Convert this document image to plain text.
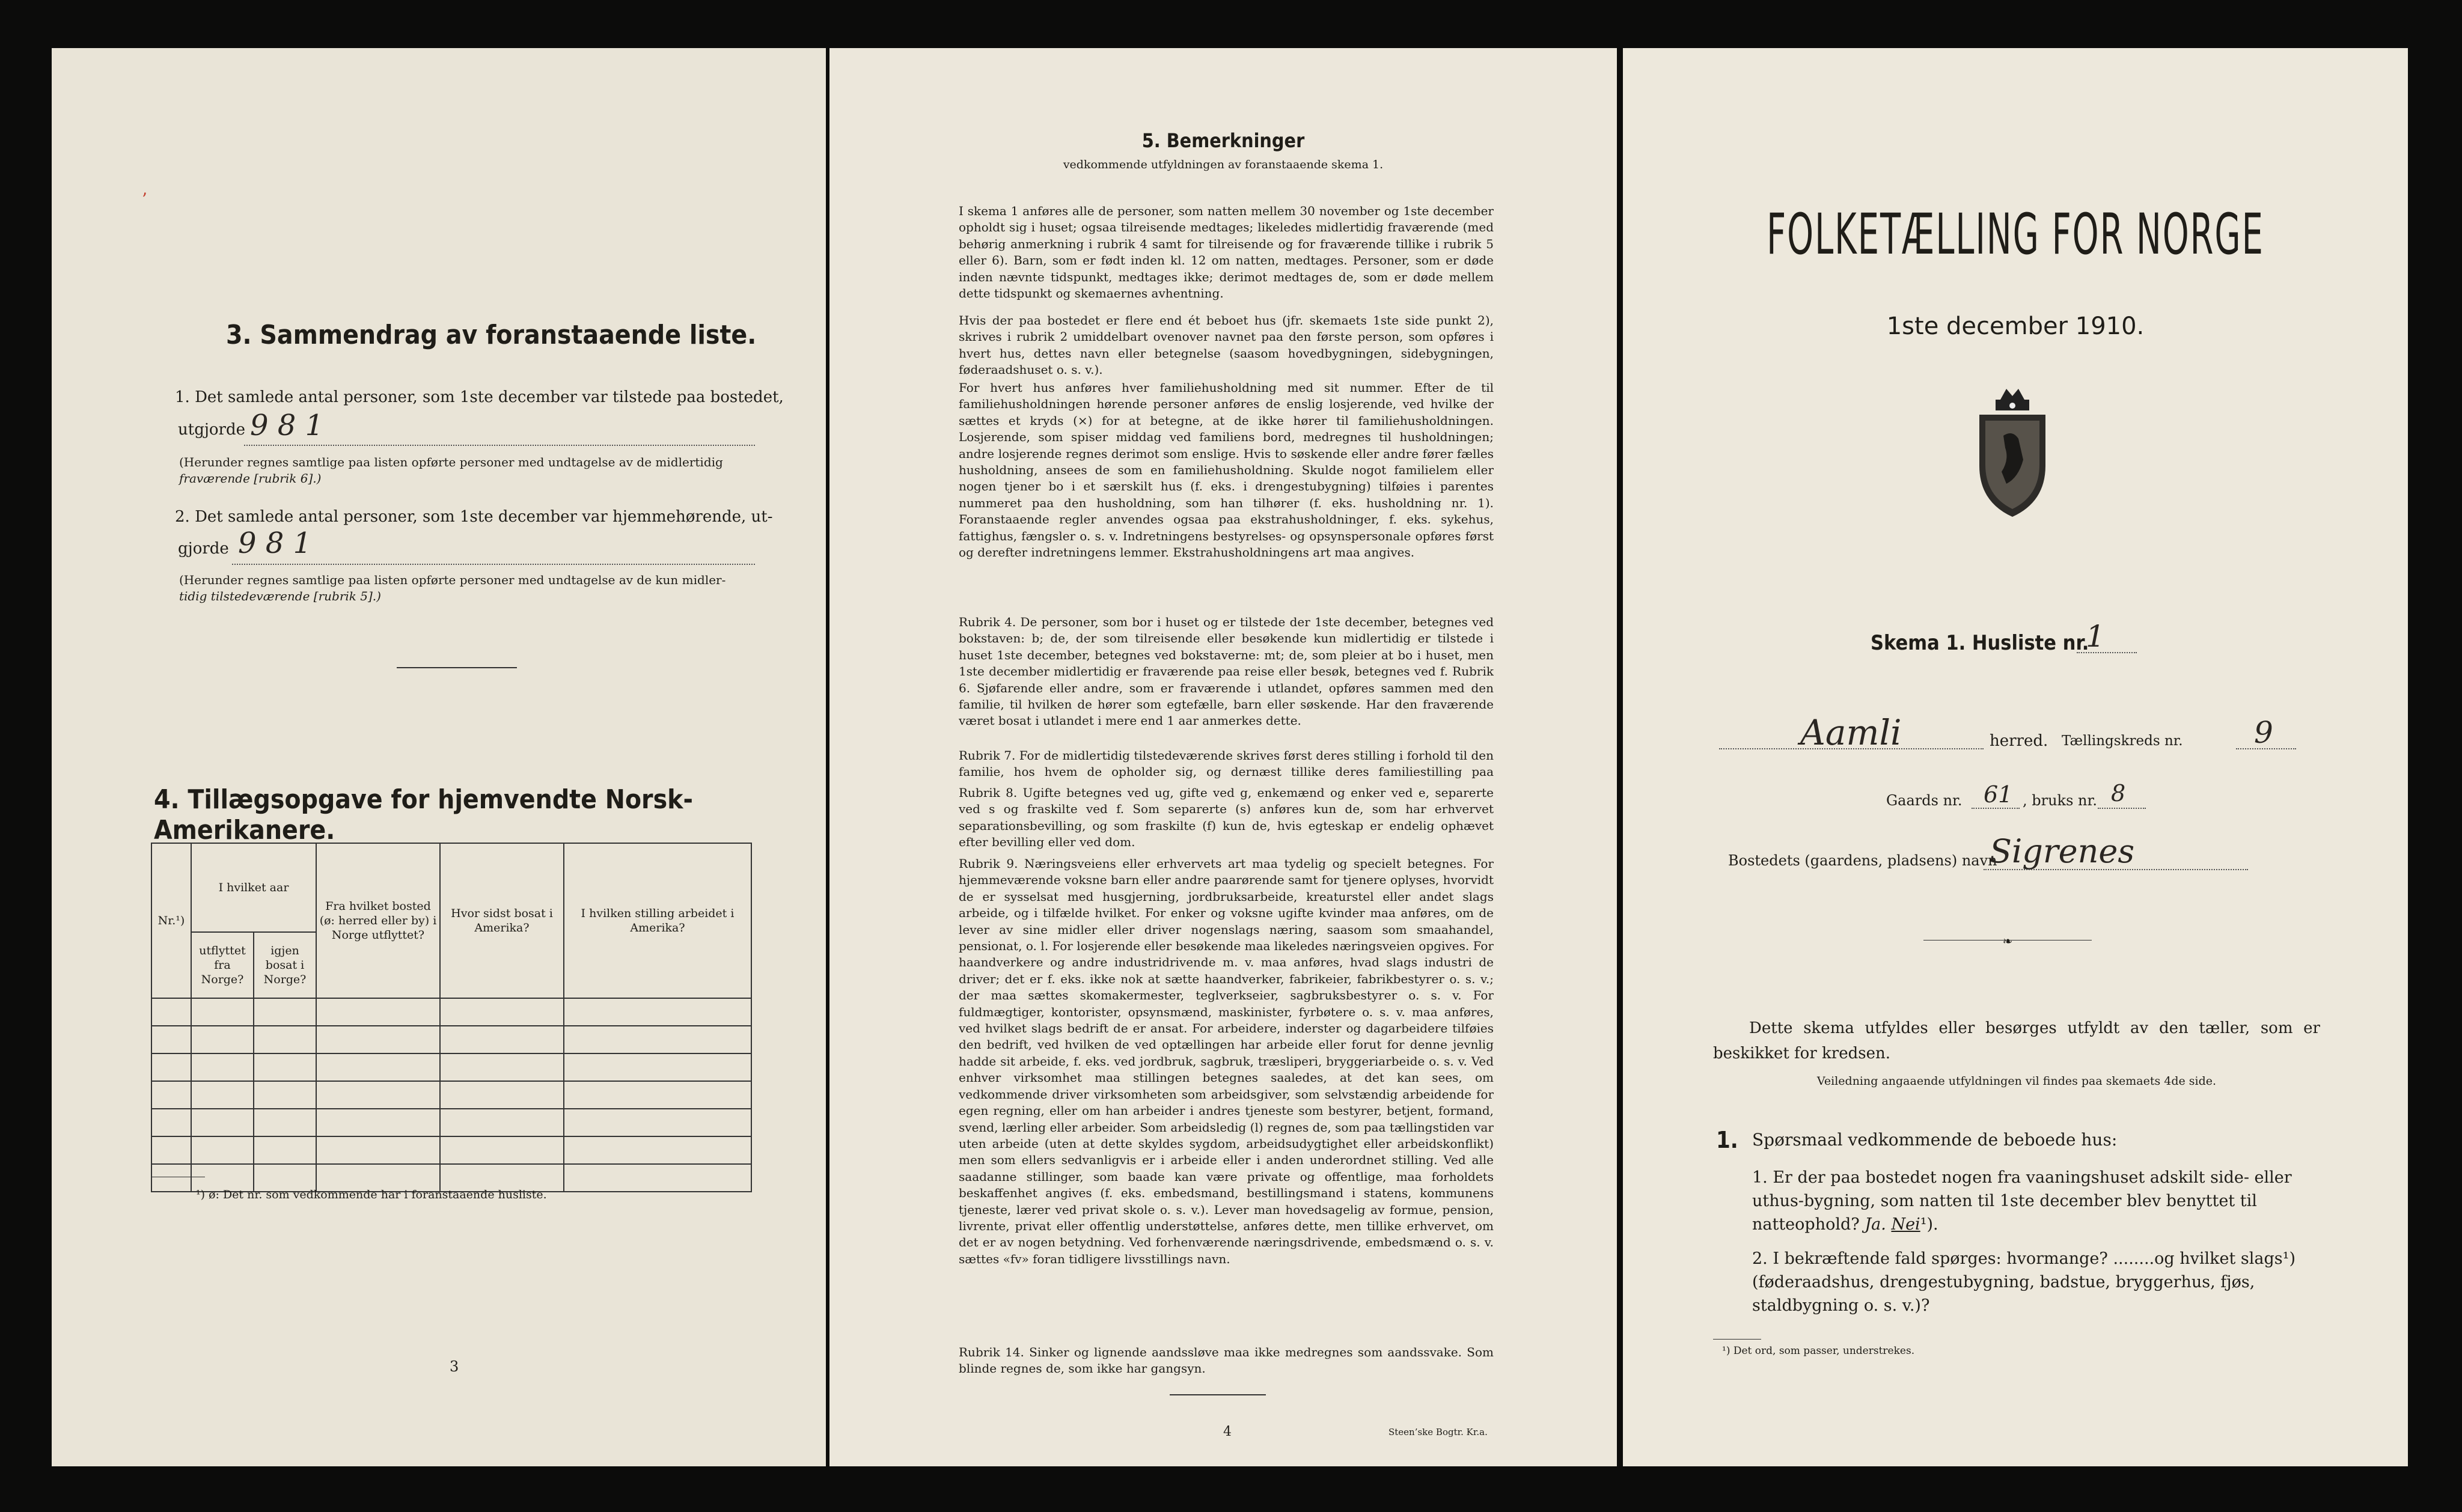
’
3. Sammendrag av foranstaaende liste.
1. Det samlede antal personer, som 1ste december var tilstede paa bostedet,
utgjorde 9 8 1
(Herunder regnes samtlige paa listen opførte personer med undtagelse av de midlertidig
fraværende [rubrik 6].)
2. Det samlede antal personer, som 1ste december var hjemmehørende, ut-
gjorde 9 8 1
(Herunder regnes samtlige paa listen opførte personer med undtagelse av de kun midler-
tidig tilstedeværende [rubrik 5].)
4. Tillægsopgave for hjemvendte Norsk-Amerikanere.
Nr.¹)	I hvilket aar		Fra hvilket bosted (ø: herred eller by) i Norge utflyttet?	Hvor sidst bosat i Amerika?	I hvilken stilling arbeidet i Amerika?
	utflyttet fra Norge?	igjen bosat i Norge?			

¹) ø: Det nr. som vedkommende har i foranstaaende husliste.
3
5. Bemerkninger
vedkommende utfyldningen av foranstaaende skema 1.
I skema 1 anføres alle de personer, som natten mellem 30 november og 1ste december opholdt sig i huset; ogsaa tilreisende medtages; likeledes midlertidig fraværende (med behørig anmerkning i rubrik 4 samt for tilreisende og for fraværende tillike i rubrik 5 eller 6). Barn, som er født inden kl. 12 om natten, medtages. Personer, som er døde inden nævnte tidspunkt, medtages ikke; derimot medtages de, som er døde mellem dette tidspunkt og skemaernes avhentning.
Hvis der paa bostedet er flere end ét beboet hus (jfr. skemaets 1ste side punkt 2), skrives i rubrik 2 umiddelbart ovenover navnet paa den første person, som opføres i hvert hus, dettes navn eller betegnelse (saasom hovedbygningen, sidebygningen, føderaadshuset o. s. v.).
For hvert hus anføres hver familiehusholdning med sit nummer. Efter de til familiehusholdningen hørende personer anføres de enslig losjerende, ved hvilke der sættes et kryds (×) for at betegne, at de ikke hører til familiehusholdningen. Losjerende, som spiser middag ved familiens bord, medregnes til husholdningen; andre losjerende regnes derimot som enslige. Hvis to søskende eller andre fører fælles husholdning, ansees de som en familiehusholdning. Skulde nogot familielem eller nogen tjener bo i et særskilt hus (f. eks. i drengestubygning) tilføies i parentes nummeret paa den husholdning, som han tilhører (f. eks. husholdning nr. 1). Foranstaaende regler anvendes ogsaa paa ekstrahusholdninger, f. eks. sykehus, fattighus, fængsler o. s. v. Indretningens bestyrelses- og opsynspersonale opføres først og derefter indretningens lemmer. Ekstrahusholdningens art maa angives.
Rubrik 4. De personer, som bor i huset og er tilstede der 1ste december, betegnes ved bokstaven: b; de, der som tilreisende eller besøkende kun midlertidig er tilstede i huset 1ste december, betegnes ved bokstaverne: mt; de, som pleier at bo i huset, men 1ste december midlertidig er fraværende paa reise eller besøk, betegnes ved f. Rubrik 6. Sjøfarende eller andre, som er fraværende i utlandet, opføres sammen med den familie, til hvilken de hører som egtefælle, barn eller søskende. Har den fraværende været bosat i utlandet i mere end 1 aar anmerkes dette.
Rubrik 7. For de midlertidig tilstedeværende skrives først deres stilling i forhold til den familie, hos hvem de opholder sig, og dernæst tillike deres familiestilling paa
Rubrik 8. Ugifte betegnes ved ug, gifte ved g, enkemænd og enker ved e, separerte ved s og fraskilte ved f. Som separerte (s) anføres kun de, som har erhvervet separationsbevilling, og som fraskilte (f) kun de, hvis egteskap er endelig ophævet efter bevilling eller ved dom.
Rubrik 9. Næringsveiens eller erhvervets art maa tydelig og specielt betegnes. For hjemmeværende voksne barn eller andre paarørende samt for tjenere oplyses, hvorvidt de er sysselsat med husgjerning, jordbruksarbeide, kreaturstel eller andet slags arbeide, og i tilfælde hvilket. For enker og voksne ugifte kvinder maa anføres, om de lever av sine midler eller driver nogenslags næring, saasom som smaahandel, pensionat, o. l. For losjerende eller besøkende maa likeledes næringsveien opgives. For haandverkere og andre industridrivende m. v. maa anføres, hvad slags industri de driver; det er f. eks. ikke nok at sætte haandverker, fabrikeier, fabrikbestyrer o. s. v.; der maa sættes skomakermester, teglverkseier, sagbruksbestyrer o. s. v. For fuldmægtiger, kontorister, opsynsmænd, maskinister, fyrbøtere o. s. v. maa anføres, ved hvilket slags bedrift de er ansat. For arbeidere, inderster og dagarbeidere tilføies den bedrift, ved hvilken de ved optællingen har arbeide eller forut for denne jevnlig hadde sit arbeide, f. eks. ved jordbruk, sagbruk, træsliperi, bryggeriarbeide o. s. v. Ved enhver virksomhet maa stillingen betegnes saaledes, at det kan sees, om vedkommende driver virksomheten som arbeidsgiver, som selvstændig arbeidende for egen regning, eller om han arbeider i andres tjeneste som bestyrer, betjent, formand, svend, lærling eller arbeider. Som arbeidsledig (l) regnes de, som paa tællingstiden var uten arbeide (uten at dette skyldes sygdom, arbeidsudygtighet eller arbeidskonflikt) men som ellers sedvanligvis er i arbeide eller i anden underordnet stilling. Ved alle saadanne stillinger, som baade kan være private og offentlige, maa forholdets beskaffenhet angives (f. eks. embedsmand, bestillingsmand i statens, kommunens tjeneste, lærer ved privat skole o. s. v.). Lever man hovedsagelig av formue, pension, livrente, privat eller offentlig understøttelse, anføres dette, men tillike erhvervet, om det er av nogen betydning. Ved forhenværende næringsdrivende, embedsmænd o. s. v. sættes «fv» foran tidligere livsstillings navn.
Rubrik 14. Sinker og lignende aandssløve maa ikke medregnes som aandssvake. Som blinde regnes de, som ikke har gangsyn.
4	Steen’ske Bogtr. Kr.a.
FOLKETÆLLING FOR NORGE
1ste december 1910.
Skema 1. Husliste nr.
1
Aamli	herred. Tællingskreds nr. 9
Gaards nr. 61 , bruks nr. 8
Bostedets (gaardens, pladsens) navn
Sigrenes
❧
Dette skema utfyldes eller besørges utfyldt av den tæller, som er beskikket for kredsen.
Veiledning angaaende utfyldningen vil findes paa skemaets 4de side.
1. Spørsmaal vedkommende de beboede hus:
1. Er der paa bostedet nogen fra vaaningshuset adskilt side- eller uthus-bygning, som natten til 1ste december blev benyttet til natteophold? Ja. Nei¹).
2. I bekræftende fald spørges: hvormange? ........og hvilket slags¹) (føderaadshus, drengestubygning, badstue, bryggerhus, fjøs, staldbygning o. s. v.)?
¹) Det ord, som passer, understrekes.
